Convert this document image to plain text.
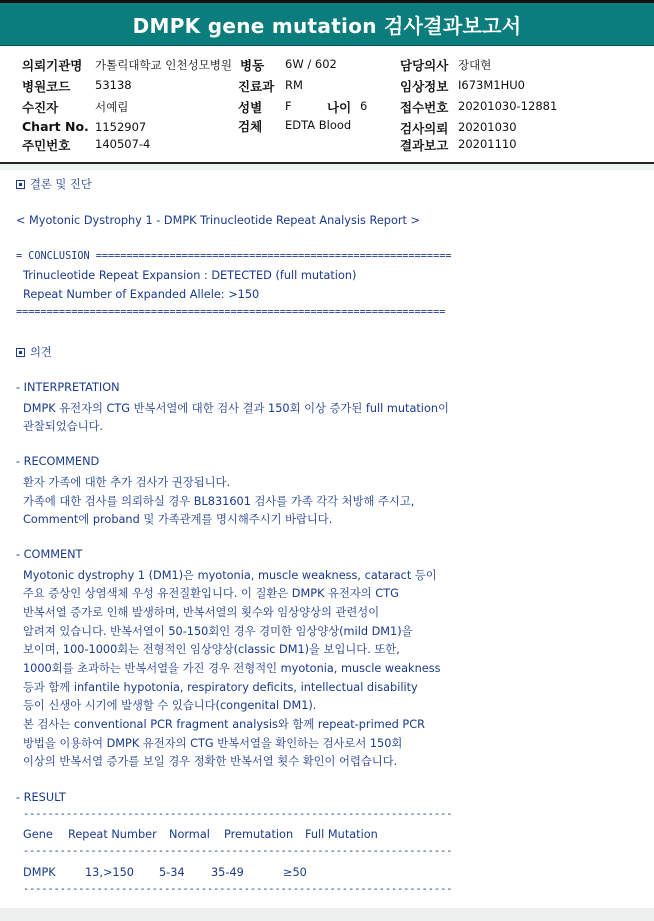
DMPK gene mutation 검사결과보고서
의뢰기관명 가톨릭대학교 인천성모병원 병동 6W / 602	담당의사 장대현
병원코드 53138	진료과 RM	임상정보 I673M1HU0
수진자	서예림	성별 F	나이 6	접수번호 20201030-12881
Chart No. 1152907	검체 EDTA Blood	검사의뢰 20201030
주민번호 140507-4	결과보고 20201110
결론 및 진단
< Myotonic Dystrophy 1 - DMPK Trinucleotide Repeat Analysis Report >
= CONCLUSION ==========================================================
Trinucleotide Repeat Expansion : DETECTED (full mutation)
Repeat Number of Expanded Allele: >150
======================================================================
의견
- INTERPRETATION
DMPK 유전자의 CTG 반복서열에 대한 검사 결과 150회 이상 증가된 full mutation이
관찰되었습니다.
- RECOMMEND
환자 가족에 대한 추가 검사가 권장됩니다.
가족에 대한 검사를 의뢰하실 경우 BL831601 검사를 가족 각각 처방해 주시고,
Comment에 proband 및 가족관계를 명시해주시기 바랍니다.
- COMMENT
Myotonic dystrophy 1 (DM1)은 myotonia, muscle weakness, cataract 등이
주요 증상인 상염색체 우성 유전질환입니다. 이 질환은 DMPK 유전자의 CTG
반복서열 증가로 인해 발생하며, 반복서열의 횟수와 임상양상의 관련성이
알려져 있습니다. 반복서열이 50-150회인 경우 경미한 임상양상(mild DM1)을
보이며, 100-1000회는 전형적인 임상양상(classic DM1)을 보입니다. 또한,
1000회를 초과하는 반복서열을 가진 경우 전형적인 myotonia, muscle weakness
등과 함께 infantile hypotonia, respiratory deficits, intellectual disability
등이 신생아 시기에 발생할 수 있습니다(congenital DM1).
본 검사는 conventional PCR fragment analysis와 함께 repeat-primed PCR
방법을 이용하여 DMPK 유전자의 CTG 반복서열을 확인하는 검사로서 150회
이상의 반복서열 증가를 보일 경우 정확한 반복서열 횟수 확인이 어렵습니다.
- RESULT
----------------------------------------------------------------------
Gene Repeat Number Normal Premutation Full Mutation
----------------------------------------------------------------------
DMPK	13,>150 5-34 35-49	≥50
----------------------------------------------------------------------
